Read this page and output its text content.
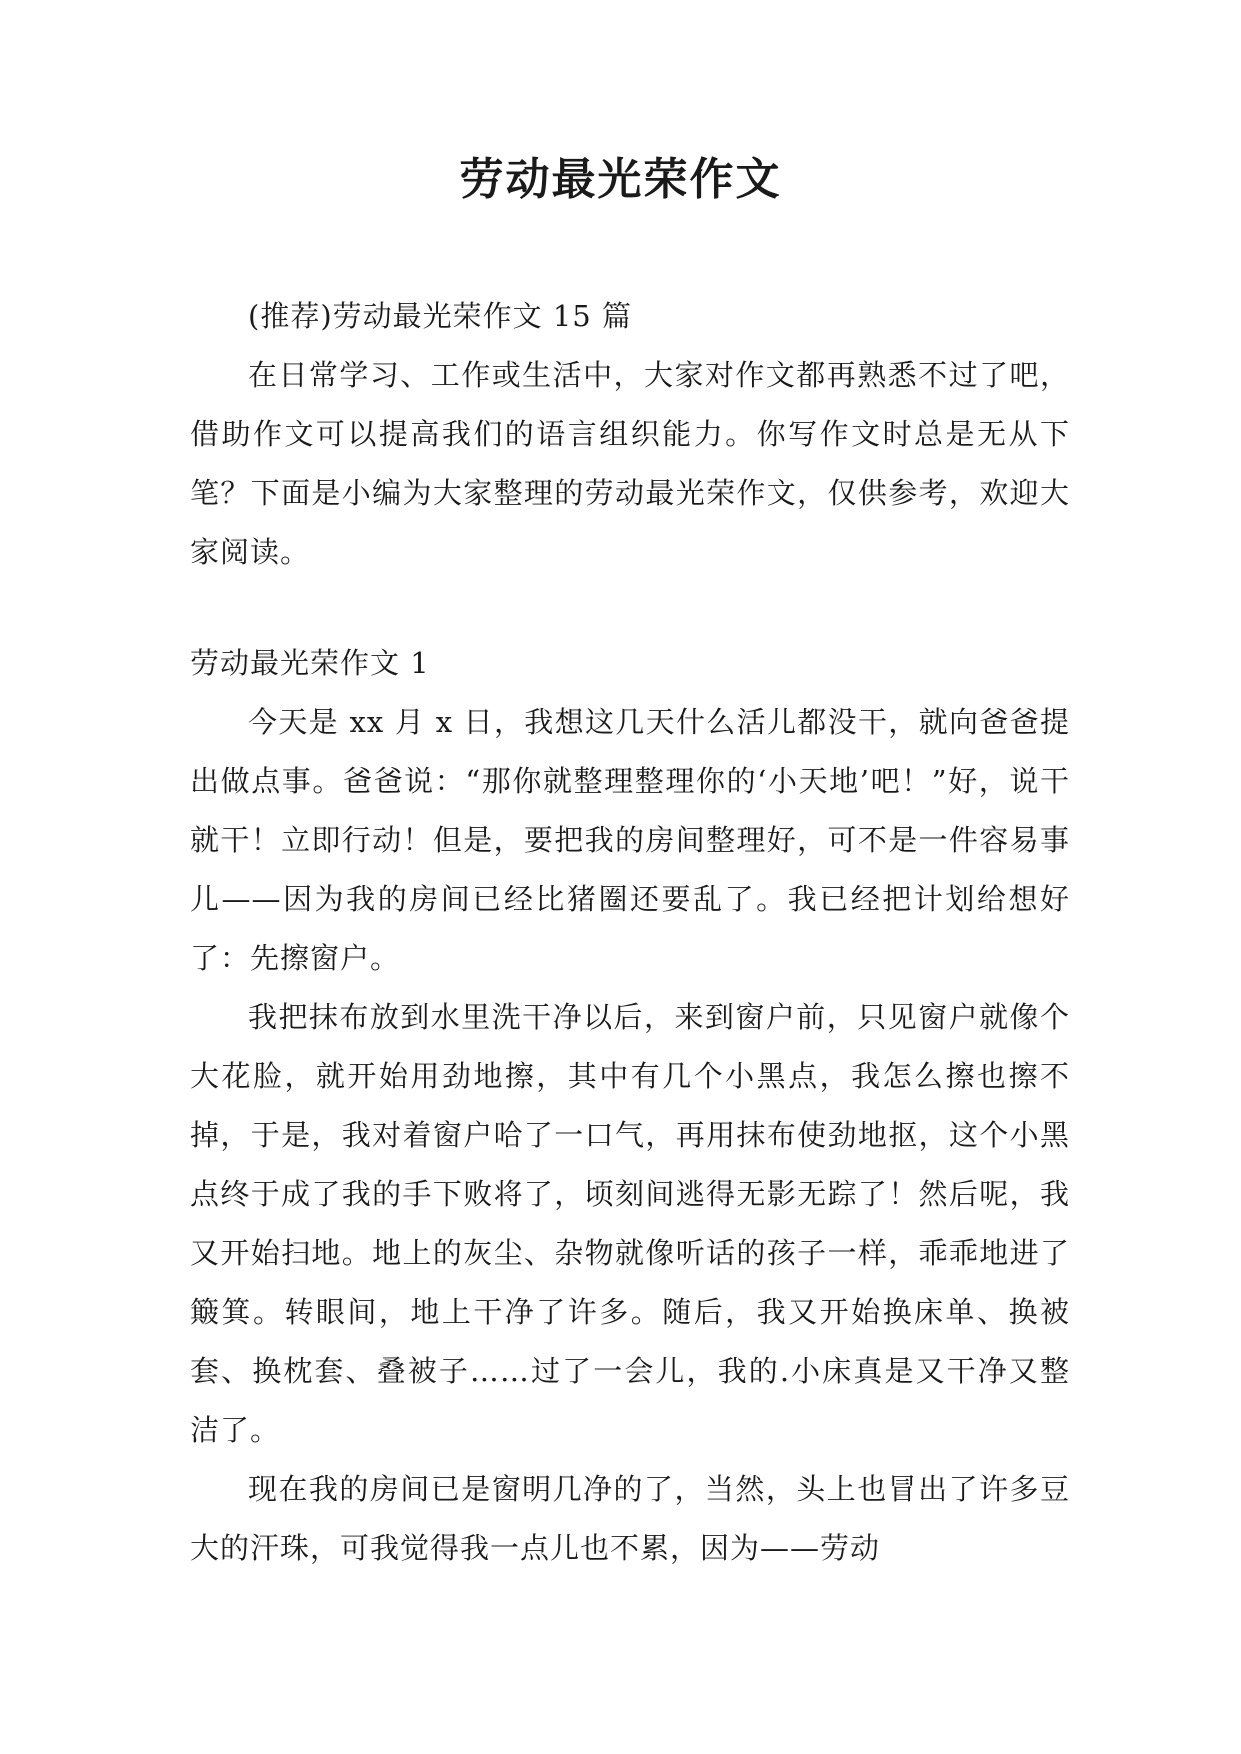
劳动最光荣作文

(推荐)劳动最光荣作文 15 篇

在日常学习、工作或生活中，大家对作文都再熟悉不过了吧，借助作文可以提高我们的语言组织能力。你写作文时总是无从下笔？下面是小编为大家整理的劳动最光荣作文，仅供参考，欢迎大家阅读。

劳动最光荣作文 1

今天是 xx 月 x 日，我想这几天什么活儿都没干，就向爸爸提出做点事。爸爸说：“那你就整理整理你的‘小天地’吧！”好，说干就干！立即行动！但是，要把我的房间整理好，可不是一件容易事儿——因为我的房间已经比猪圈还要乱了。我已经把计划给想好了：先擦窗户。

我把抹布放到水里洗干净以后，来到窗户前，只见窗户就像个大花脸，就开始用劲地擦，其中有几个小黑点，我怎么擦也擦不掉，于是，我对着窗户哈了一口气，再用抹布使劲地抠，这个小黑点终于成了我的手下败将了，顷刻间逃得无影无踪了！然后呢，我又开始扫地。地上的灰尘、杂物就像听话的孩子一样，乖乖地进了簸箕。转眼间，地上干净了许多。随后，我又开始换床单、换被套、换枕套、叠被子……过了一会儿，我的.小床真是又干净又整洁了。

现在我的房间已是窗明几净的了，当然，头上也冒出了许多豆大的汗珠，可我觉得我一点儿也不累，因为——劳动
